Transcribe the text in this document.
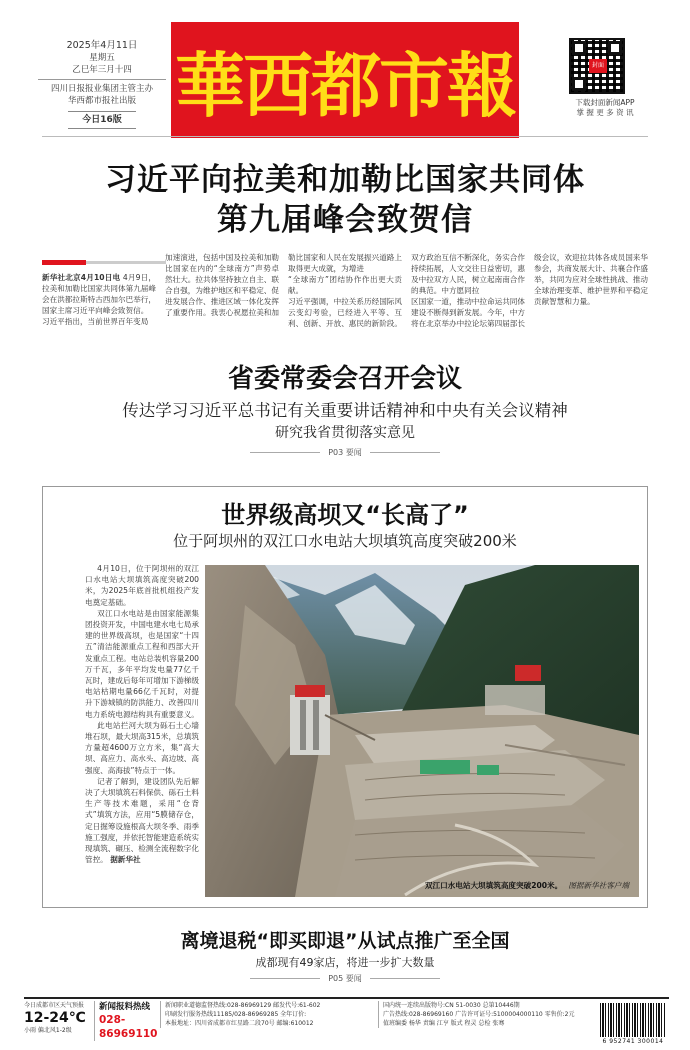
2025年4月11日
星期五
乙巳年三月十四
四川日报报业集团主管主办
华西都市报社出版
今日16版 華西都市報	封面
下载封面新闻APP
掌 握 更 多 资 讯
习近平向拉美和加勒比国家共同体
第九届峰会致贺信

新华社北京4月10日电 4月9日，拉美和加勒比国家共同体第九届峰会在洪都拉斯特古西加尔巴举行，国家主席习近平向峰会致贺信。

习近平指出，当前世界百年变局

加速演进，包括中国及拉美和加勒比国家在内的“全球南方”声势卓然壮大。拉共体坚持独立自主、联合自强，为维护地区和平稳定、促进发展合作、推进区域一体化发挥了重要作用。我衷心祝愿拉美和加勒比国家和人民在发展振兴道路上取得更大成就，为增进

“全球南方”团结协作作出更大贡献。

习近平强调，中拉关系历经国际风云变幻考验，已经进入平等、互利、创新、开放、惠民的新阶段。双方政治互信不断深化，务实合作持续拓展，人文交往日益密切，惠及中拉双方人民，树立起南南合作的典范。中方愿同拉

区国家一道，推动中拉命运共同体建设不断得到新发展。今年，中方将在北京举办中拉论坛第四届部长级会议，欢迎拉共体各成员国来华参会，共商发展大计、共襄合作盛举，共同为应对全球性挑战、推动全球治理变革、维护世界和平稳定贡献智慧和力量。

省委常委会召开会议
传达学习习近平总书记有关重要讲话精神和中央有关会议精神
研究我省贯彻落实意见
P03 要闻
世界级高坝又“长高了”
位于阿坝州的双江口水电站大坝填筑高度突破200米

4月10日，位于阿坝州的双江口水电站大坝填筑高度突破200米，为2025年底首批机组投产发电奠定基础。

双江口水电站是由国家能源集团投资开发，中国电建水电七局承建的世界级高坝，也是国家“十四五”清洁能源重点工程和西部大开发重点工程。电站总装机容量200万千瓦，多年平均发电量77亿千瓦时，建成后每年可增加下游梯级电站枯期电量66亿千瓦时，对提升下游城镇的防洪能力、改善四川电力系统电源结构具有重要意义。

此电站拦河大坝为砾石土心墙堆石坝，最大坝高315米，总填筑方量超4600万立方米，集“高大坝、高应力、高水头、高边坡、高强度、高海拔”特点于一体。

记者了解到，建设团队先后解决了大坝填筑石料保供、砾石土料生产等技术难题，采用“仓背式”填筑方法，应用“5膜储存仓，定日掘筹设施根高大坝冬季、雨季施工强度，并依托智能建造系统实现填筑、碾压、检测全流程数字化管控。 据新华社

双江口水电站大坝填筑高度突破200米。 图据新华社客户端
离境退税“即买即退”从试点推广至全国
成都现有49家店，将进一步扩大数量
P05 要闻
今日成都市区天气预报
12-24℃
小雨 偏北风1-2级
新闻报料热线
028-86969110
新闻职业道德监督热线:028-86969129 邮发代号:61-602
印刷发行服务热线11185/028-86969285 全年订价:
本报地址：四川省成都市红星路二段70号 邮编:610012
国内统一连续出版物号:CN 51-0030 总第10446期
广告热线:028-86969160 广告许可证号:5100004000110 零售价:2元
值班编委 杨华 责编 江亨 版式 程灵 总检 张骞
6 952741 300014
